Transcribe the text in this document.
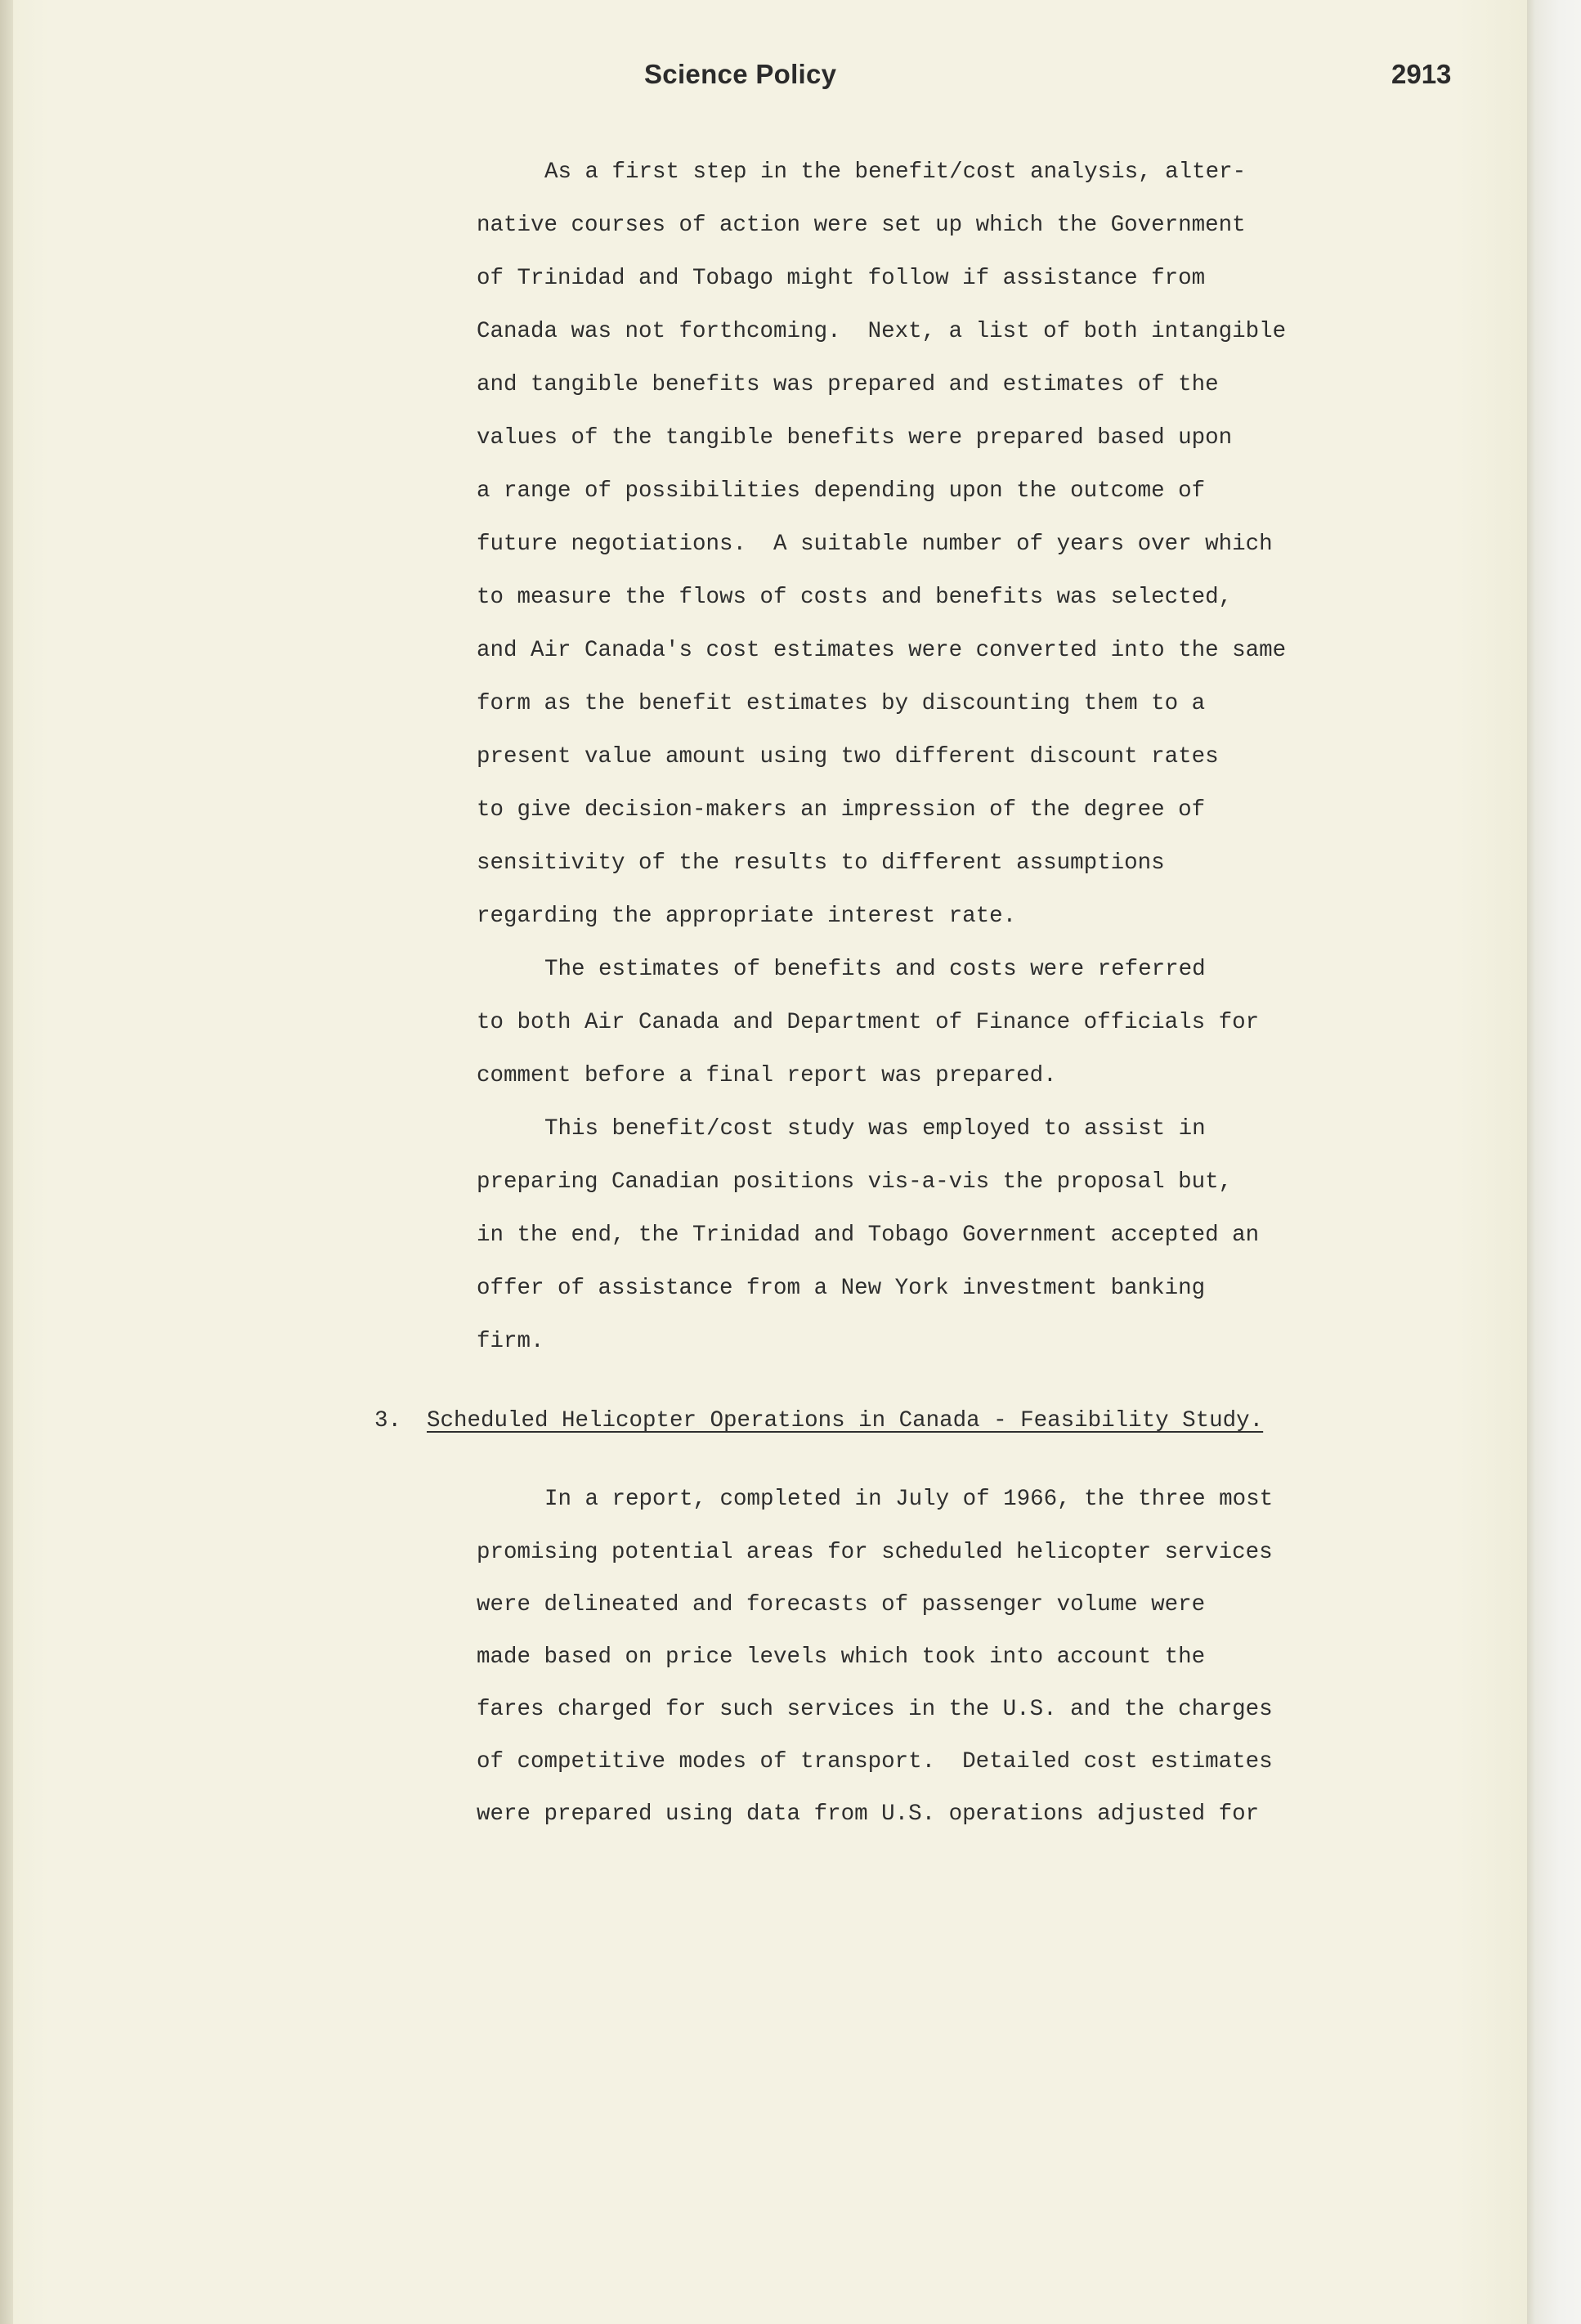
Science Policy	2913
As a first step in the benefit/cost analysis, alter-
native courses of action were set up which the Government
of Trinidad and Tobago might follow if assistance from
Canada was not forthcoming.  Next, a list of both intangible
and tangible benefits was prepared and estimates of the
values of the tangible benefits were prepared based upon
a range of possibilities depending upon the outcome of
future negotiations.  A suitable number of years over which
to measure the flows of costs and benefits was selected,
and Air Canada's cost estimates were converted into the same
form as the benefit estimates by discounting them to a
present value amount using two different discount rates
to give decision-makers an impression of the degree of
sensitivity of the results to different assumptions
regarding the appropriate interest rate.
The estimates of benefits and costs were referred
to both Air Canada and Department of Finance officials for
comment before a final report was prepared.
This benefit/cost study was employed to assist in
preparing Canadian positions vis-a-vis the proposal but,
in the end, the Trinidad and Tobago Government accepted an
offer of assistance from a New York investment banking
firm.
3. Scheduled Helicopter Operations in Canada - Feasibility Study.
In a report, completed in July of 1966, the three most
promising potential areas for scheduled helicopter services
were delineated and forecasts of passenger volume were
made based on price levels which took into account the
fares charged for such services in the U.S. and the charges
of competitive modes of transport.  Detailed cost estimates
were prepared using data from U.S. operations adjusted for
